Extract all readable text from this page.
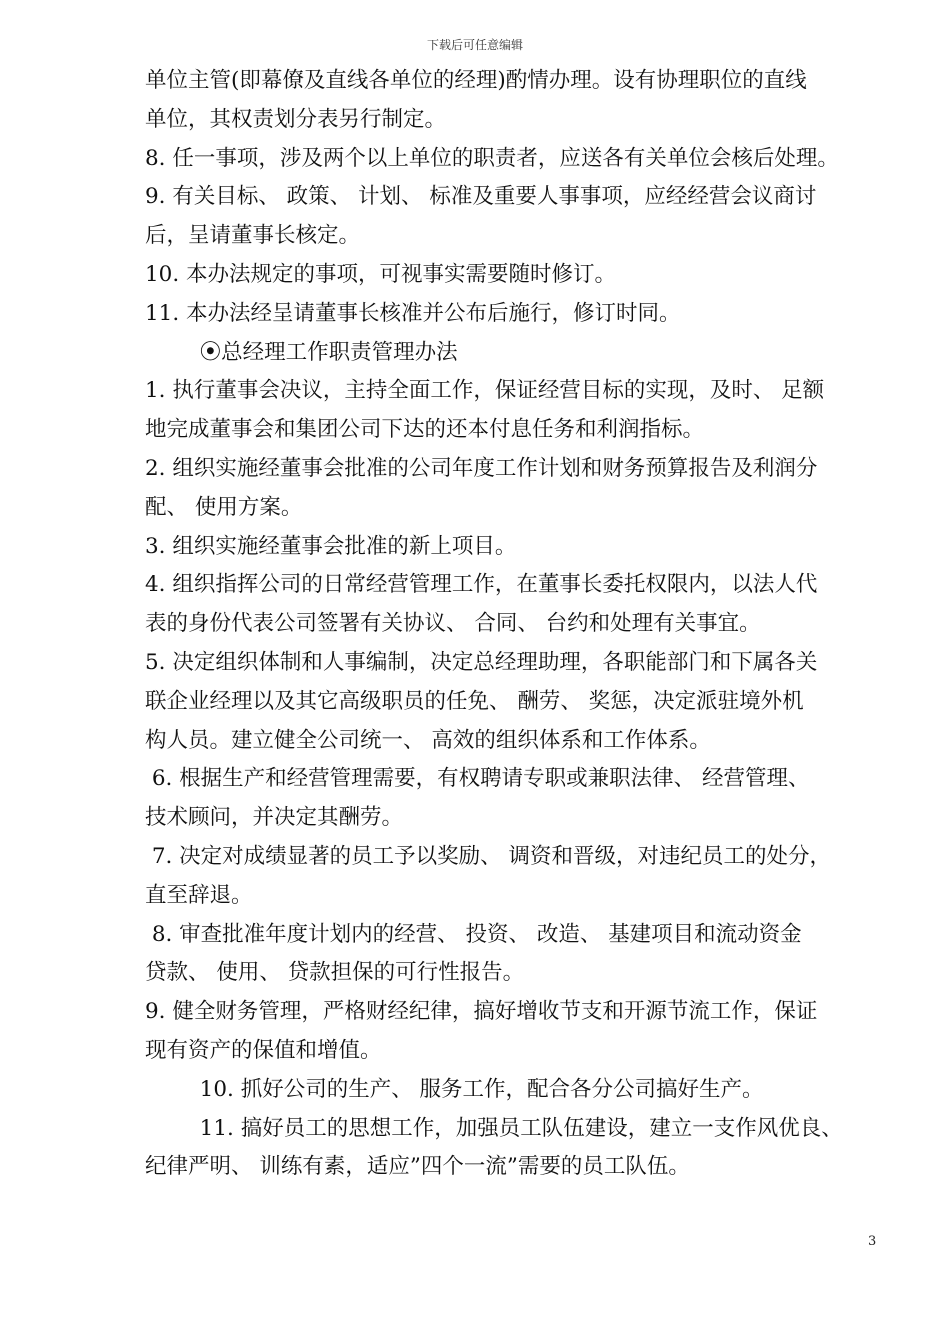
下载后可任意编辑
单位主管(即幕僚及直线各单位的经理)酌情办理。设有协理职位的直线
单位，其权责划分表另行制定。
8. 任一事项，涉及两个以上单位的职责者，应送各有关单位会核后处理。
9. 有关目标、 政策、 计划、 标准及重要人事事项，应经经营会议商讨
后，呈请董事长核定。
10. 本办法规定的事项，可视事实需要随时修订。
11. 本办法经呈请董事长核准并公布后施行，修订时同。
⦿总经理工作职责管理办法
1. 执行董事会决议，主持全面工作，保证经营目标的实现，及时、 足额
地完成董事会和集团公司下达的还本付息任务和利润指标。
2. 组织实施经董事会批准的公司年度工作计划和财务预算报告及利润分
配、 使用方案。
3. 组织实施经董事会批准的新上项目。
4. 组织指挥公司的日常经营管理工作，在董事长委托权限内，以法人代
表的身份代表公司签署有关协议、 合同、 台约和处理有关事宜。
5. 决定组织体制和人事编制，决定总经理助理，各职能部门和下属各关
联企业经理以及其它高级职员的任免、 酬劳、 奖惩，决定派驻境外机
构人员。建立健全公司统一、 高效的组织体系和工作体系。
6. 根据生产和经营管理需要，有权聘请专职或兼职法律、 经营管理、
技术顾问，并决定其酬劳。
7. 决定对成绩显著的员工予以奖励、 调资和晋级，对违纪员工的处分，
直至辞退。
8. 审查批准年度计划内的经营、 投资、 改造、 基建项目和流动资金
贷款、 使用、 贷款担保的可行性报告。
9. 健全财务管理，严格财经纪律，搞好增收节支和开源节流工作，保证
现有资产的保值和增值。
10. 抓好公司的生产、 服务工作，配合各分公司搞好生产。
11. 搞好员工的思想工作，加强员工队伍建设，建立一支作风优良、
纪律严明、 训练有素，适应”四个一流”需要的员工队伍。
3
